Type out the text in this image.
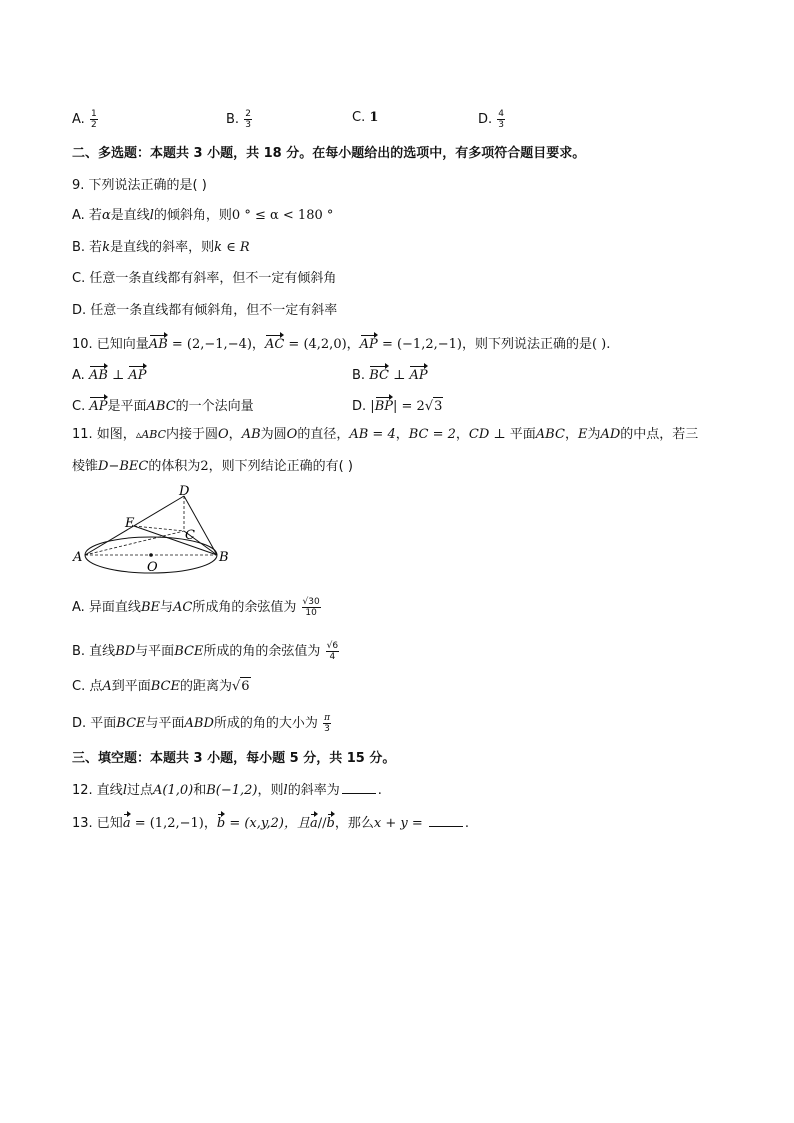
A. $\frac{1}{2}$	B. $\frac{2}{3}$	C. 1	D. $\frac{4}{3}$
二、多选题：本题共 3 小题，共 18 分。在每小题给出的选项中，有多项符合题目要求。
9. 下列说法正确的是( )
A. 若α是直线l的倾斜角，则0 ° ≤ α < 180 °
B. 若k是直线的斜率，则k ∈ R
C. 任意一条直线都有斜率，但不一定有倾斜角
D. 任意一条直线都有倾斜角，但不一定有斜率
10. 已知向量AB = (2,−1,−4)，AC = (4,2,0)，AP = (−1,2,−1)，则下列说法正确的是( ).
A. AB ⊥ AP	B. BC ⊥ AP
C. AP是平面ABC的一个法向量	D. |BP| = 2√3
11. 如图，▵ABC内接于圆O，AB为圆O的直径，AB = 4，BC = 2，CD ⊥ 平面ABC，E为AD的中点，若三
棱锥D−BEC的体积为2，则下列结论正确的有( )
D
E
C
A	B
O
A. 异面直线BE与AC所成角的余弦值为 $\frac{√30}{10}$
B. 直线BD与平面BCE所成的角的余弦值为 $\frac{√6}{4}$
C. 点A到平面BCE的距离为√6
D. 平面BCE与平面ABD所成的角的大小为 $\frac{\pi}{3}$
三、填空题：本题共 3 小题，每小题 5 分，共 15 分。
12. 直线l过点A(1,0)和B(−1,2)，则l的斜率为	.
13. 已知a = (1,2,−1)，b = (x,y,2)，且a//b，那么x + y =	.
